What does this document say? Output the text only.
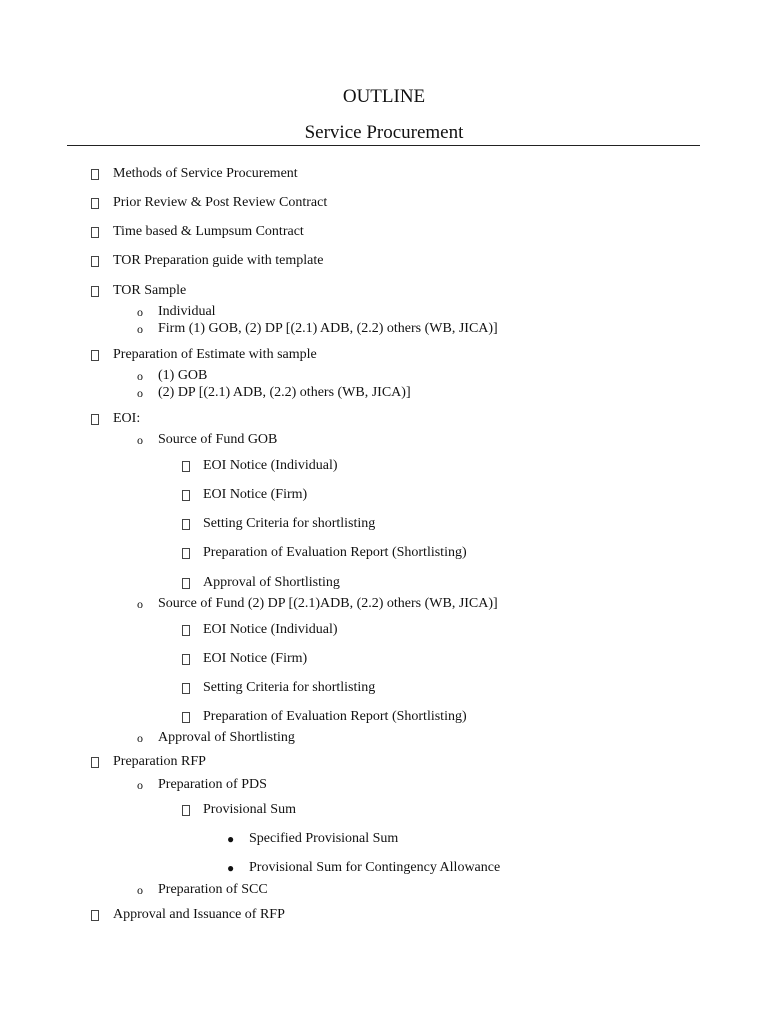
OUTLINE
Service Procurement
Methods of Service Procurement
Prior Review & Post Review Contract
Time based & Lumpsum Contract
TOR Preparation guide with template
TOR Sample
o Individual
o Firm (1) GOB, (2) DP [(2.1) ADB, (2.2) others (WB, JICA)]
Preparation of Estimate with sample
o (1) GOB
o (2) DP [(2.1) ADB, (2.2) others (WB, JICA)]
EOI:
o Source of Fund GOB
EOI Notice (Individual)
EOI Notice (Firm)
Setting Criteria for shortlisting
Preparation of Evaluation Report (Shortlisting)
Approval of Shortlisting
o Source of Fund (2) DP [(2.1)ADB, (2.2) others (WB, JICA)]
EOI Notice (Individual)
EOI Notice (Firm)
Setting Criteria for shortlisting
Preparation of Evaluation Report (Shortlisting)
o Approval of Shortlisting
Preparation RFP
o Preparation of PDS
Provisional Sum
● Specified Provisional Sum
● Provisional Sum for Contingency Allowance
o Preparation of SCC
Approval and Issuance of RFP
